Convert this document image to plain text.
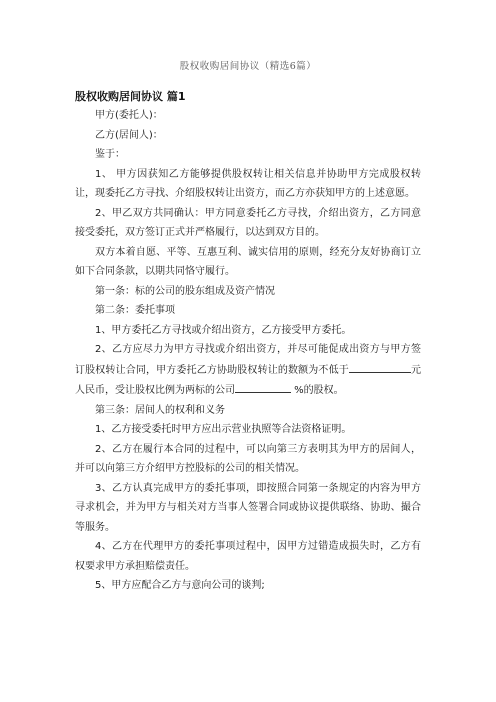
股权收购居间协议（精选6篇）
股权收购居间协议 篇1

甲方(委托人)：

乙方(居间人)：

鉴于：

1、 甲方因获知乙方能够提供股权转让相关信息并协助甲方完成股权转让，现委托乙方寻找、介绍股权转让出资方，而乙方亦获知甲方的上述意愿。

2、甲乙双方共同确认：甲方同意委托乙方寻找，介绍出资方，乙方同意接受委托，双方签订正式并严格履行，以达到双方目的。

双方本着自愿、平等、互惠互利、诚实信用的原则，经充分友好协商订立如下合同条款，以期共同恪守履行。

第一条：标的公司的股东组成及资产情况

第二条：委托事项

1、甲方委托乙方寻找或介绍出资方，乙方接受甲方委托。

2、乙方应尽力为甲方寻找或介绍出资方，并尽可能促成出资方与甲方签订股权转让合同，甲方委托乙方协助股权转让的数额为不低于	元人民币，受让股权比例为两标的公司	%的股权。

第三条：居间人的权利和义务

1、乙方接受委托时甲方应出示营业执照等合法资格证明。

2、乙方在履行本合同的过程中，可以向第三方表明其为甲方的居间人，并可以向第三方介绍甲方控股标的公司的相关情况。

3、乙方认真完成甲方的委托事项，即按照合同第一条规定的内容为甲方寻求机会，并为甲方与相关对方当事人签署合同或协议提供联络、协助、撮合等服务。

4、乙方在代理甲方的委托事项过程中，因甲方过错造成损失时，乙方有权要求甲方承担赔偿责任。

5、甲方应配合乙方与意向公司的谈判;
